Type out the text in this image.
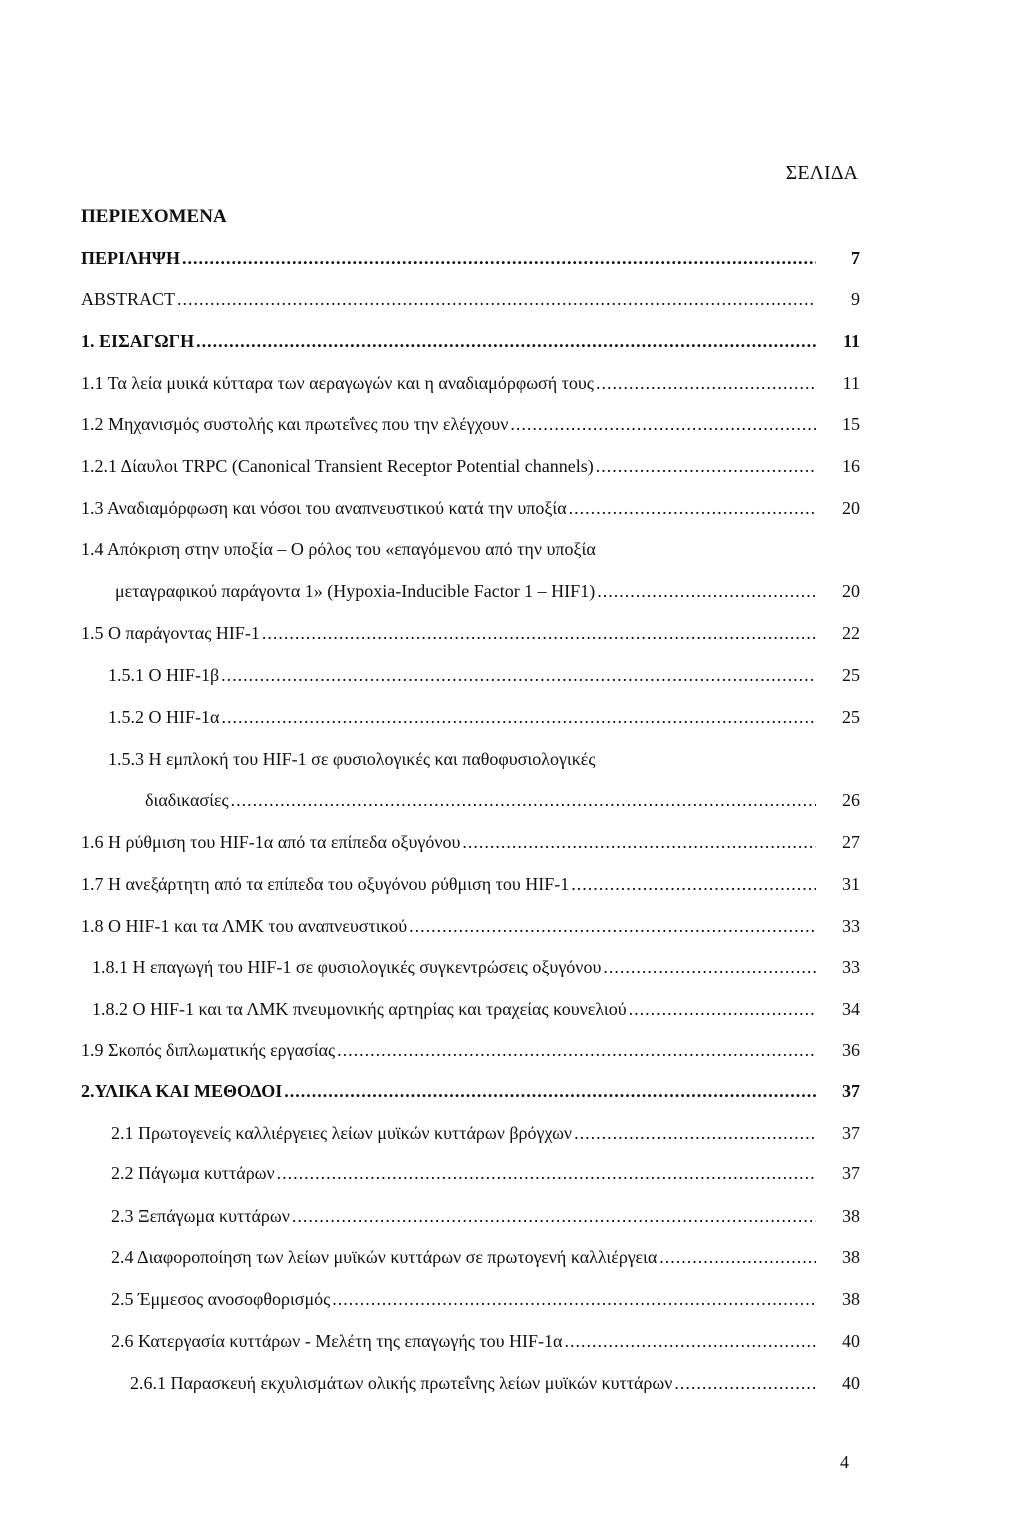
ΣΕΛΙΔΑ
ΠΕΡΙΕΧΟΜΕΝΑ
ΠΕΡΙΛΗΨΗ .....	7
ABSTRACT .....	9
1. ΕΙΣΑΓΩΓΗ .....	11
1.1 Τα λεία μυικά κύτταρα των αεραγωγών και η αναδιαμόρφωσή τους .....	11
1.2 Μηχανισμός συστολής και πρωτεΐνες που την ελέγχουν .....	15
1.2.1 Δίαυλοι TRPC (Canonical Transient Receptor Potential channels) .....	16
1.3 Αναδιαμόρφωση και νόσοι του αναπνευστικού κατά την υποξία .....	20
1.4 Απόκριση στην υποξία – Ο ρόλος του «επαγόμενου από την υποξία
μεταγραφικού παράγοντα 1» (Hypoxia-Inducible Factor 1 – HIF1) .....	20
1.5 Ο παράγοντας HIF-1 .....	22
1.5.1 Ο HIF-1β .....	25
1.5.2 Ο HIF-1α .....	25
1.5.3 Η εμπλοκή του HIF-1 σε φυσιολογικές και παθοφυσιολογικές
διαδικασίες .....	26
1.6 Η ρύθμιση του HIF-1α από τα επίπεδα οξυγόνου .....	27
1.7 Η ανεξάρτητη από τα επίπεδα του οξυγόνου ρύθμιση του HIF-1 .....	31
1.8 Ο HIF-1 και τα ΛΜΚ του αναπνευστικού .....	33
1.8.1 Η επαγωγή του HIF-1 σε φυσιολογικές συγκεντρώσεις οξυγόνου .....	33
1.8.2 Ο HIF-1 και τα ΛΜΚ πνευμονικής αρτηρίας και τραχείας κουνελιού .....	34
1.9 Σκοπός διπλωματικής εργασίας .....	36
2.ΥΛΙΚΑ ΚΑΙ ΜΕΘΟΔΟΙ .....	37
2.1 Πρωτογενείς καλλιέργειες λείων μυϊκών κυττάρων βρόγχων .....	37
2.2 Πάγωμα κυττάρων .....	37
2.3 Ξεπάγωμα κυττάρων .....	38
2.4 Διαφοροποίηση των λείων μυϊκών κυττάρων σε πρωτογενή καλλιέργεια .....	38
2.5 Έμμεσος ανοσοφθορισμός .....	38
2.6 Κατεργασία κυττάρων - Μελέτη της επαγωγής του HIF-1α .....	40
2.6.1 Παρασκευή εκχυλισμάτων ολικής πρωτεΐνης λείων μυϊκών κυττάρων .....	40
4
